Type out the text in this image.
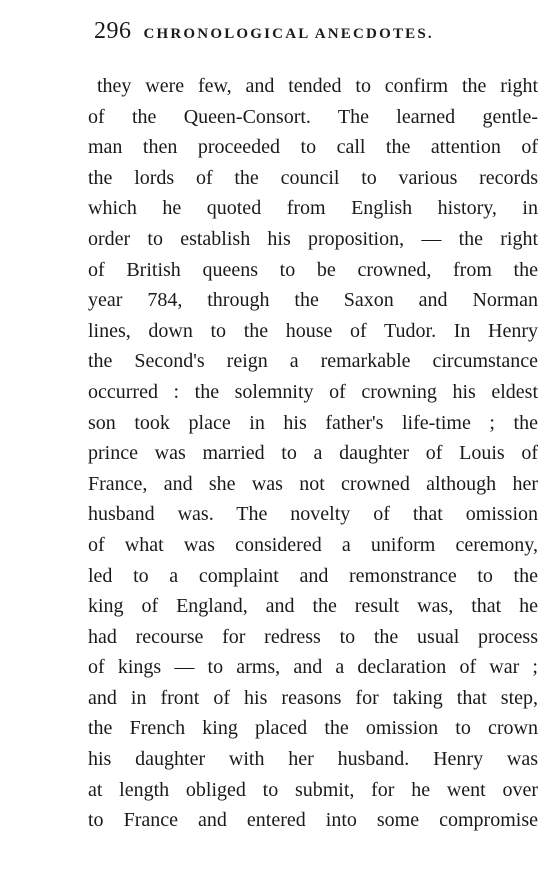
296 CHRONOLOGICAL ANECDOTES.
they were few, and tended to confirm the right
of the Queen-Consort. The learned gentle-
man then proceeded to call the attention of
the lords of the council to various records
which he quoted from English history, in
order to establish his proposition, — the right
of British queens to be crowned, from the
year 784, through the Saxon and Norman
lines, down to the house of Tudor. In Henry
the Second's reign a remarkable circumstance
occurred : the solemnity of crowning his eldest
son took place in his father's life-time ; the
prince was married to a daughter of Louis of
France, and she was not crowned although her
husband was. The novelty of that omission
of what was considered a uniform ceremony,
led to a complaint and remonstrance to the
king of England, and the result was, that he
had recourse for redress to the usual process
of kings — to arms, and a declaration of war ;
and in front of his reasons for taking that step,
the French king placed the omission to crown
his daughter with her husband. Henry was
at length obliged to submit, for he went over
to France and entered into some compromise
